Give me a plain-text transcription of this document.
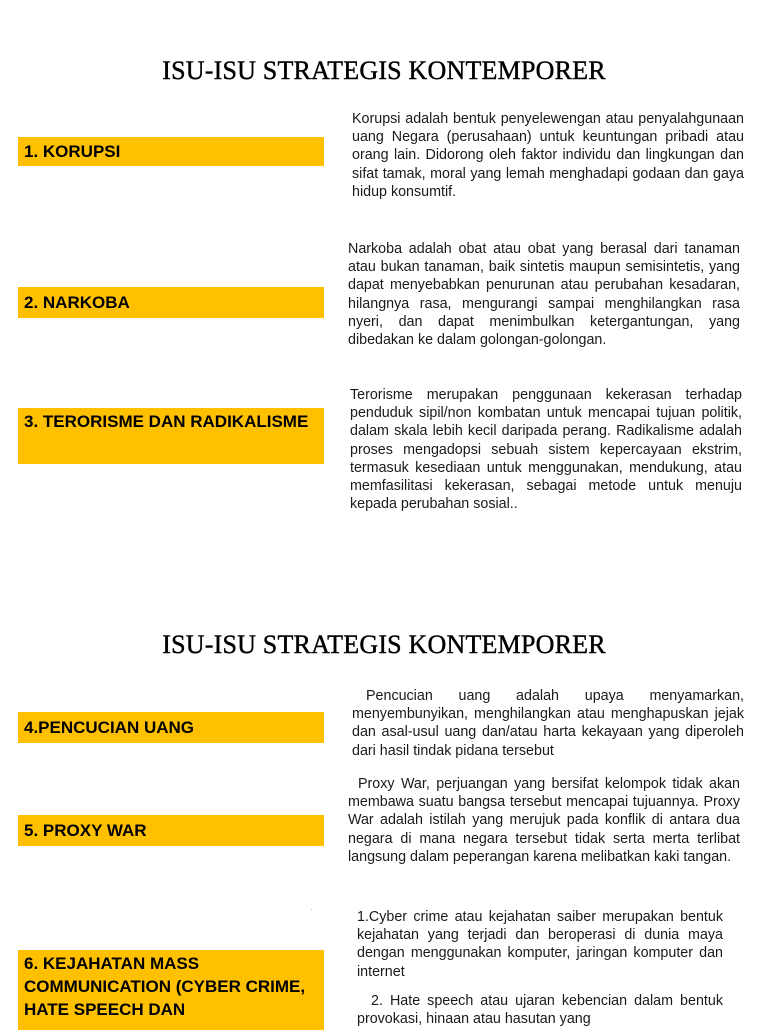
ISU-ISU STRATEGIS KONTEMPORER
1. KORUPSI

Korupsi adalah bentuk penyelewengan atau penyalahgunaan uang Negara (perusahaan) untuk keuntungan pribadi atau orang lain. Didorong oleh faktor individu dan lingkungan dan sifat tamak, moral yang lemah menghadapi godaan dan gaya hidup konsumtif.

2. NARKOBA

Narkoba adalah obat atau obat yang berasal dari tanaman atau bukan tanaman, baik sintetis maupun semisintetis, yang dapat menyebabkan penurunan atau perubahan kesadaran, hilangnya rasa, mengurangi sampai menghilangkan rasa nyeri, dan dapat menimbulkan ketergantungan, yang dibedakan ke dalam golongan-golongan.

3. TERORISME DAN RADIKALISME

Terorisme merupakan penggunaan kekerasan terhadap penduduk sipil/non kombatan untuk mencapai tujuan politik, dalam skala lebih kecil daripada perang. Radikalisme adalah proses mengadopsi sebuah sistem kepercayaan ekstrim, termasuk kesediaan untuk menggunakan, mendukung, atau memfasilitasi kekerasan, sebagai metode untuk menuju kepada perubahan sosial..

ISU-ISU STRATEGIS KONTEMPORER
4.PENCUCIAN UANG

Pencucian uang adalah upaya menyamarkan, menyembunyikan, menghilangkan atau menghapuskan jejak dan asal-usul uang dan/atau harta kekayaan yang diperoleh dari hasil tindak pidana tersebut

5. PROXY WAR

Proxy War, perjuangan yang bersifat kelompok tidak akan membawa suatu bangsa tersebut mencapai tujuannya. Proxy War adalah istilah yang merujuk pada konflik di antara dua negara di mana negara tersebut tidak serta merta terlibat langsung dalam peperangan karena melibatkan kaki tangan.

.
6. KEJAHATAN MASS COMMUNICATION (CYBER CRIME, HATE SPEECH DAN

1.Cyber crime atau kejahatan saiber merupakan bentuk kejahatan yang terjadi dan beroperasi di dunia maya dengan menggunakan komputer, jaringan komputer dan internet

2. Hate speech atau ujaran kebencian dalam bentuk provokasi, hinaan atau hasutan yang
